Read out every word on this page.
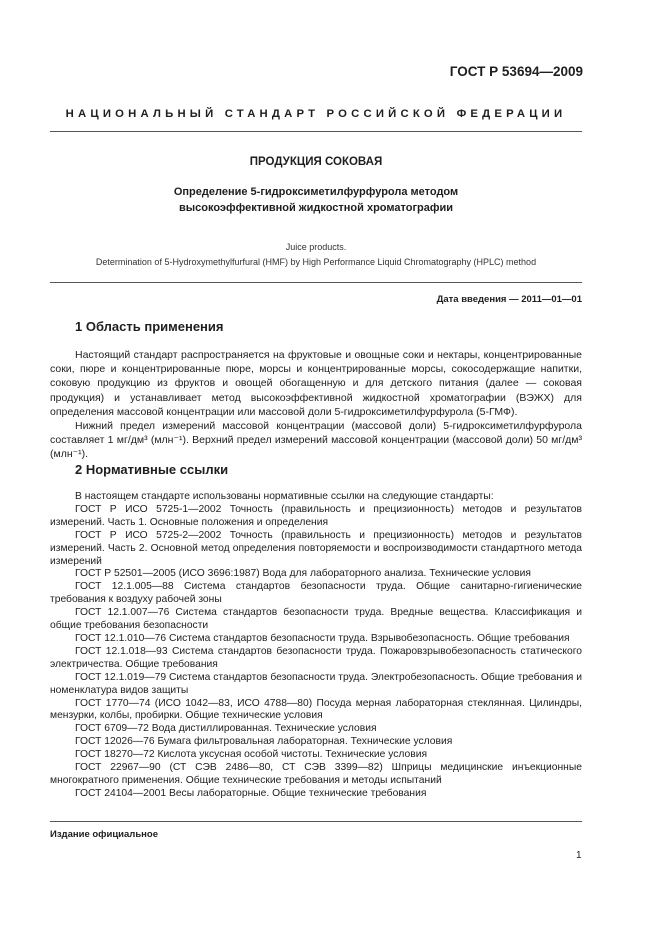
ГОСТ Р 53694—2009
НАЦИОНАЛЬНЫЙ СТАНДАРТ РОССИЙСКОЙ ФЕДЕРАЦИИ
ПРОДУКЦИЯ СОКОВАЯ
Определение 5-гидроксиметилфурфурола методом
высокоэффективной жидкостной хроматографии
Juice products.
Determination of 5-Hydroxymethylfurfural (HMF) by High Performance Liquid Chromatography (HPLC) method
Дата введения — 2011—01—01
1 Область применения

Настоящий стандарт распространяется на фруктовые и овощные соки и нектары, концентрированные соки, пюре и концентрированные пюре, морсы и концентрированные морсы, сокосодержащие напитки, соковую продукцию из фруктов и овощей обогащенную и для детского питания (далее — соковая продукция) и устанавливает метод высокоэффективной жидкостной хроматографии (ВЭЖХ) для определения массовой концентрации или массовой доли 5-гидроксиметилфурфурола (5-ГМФ).

Нижний предел измерений массовой концентрации (массовой доли) 5-гидроксиметилфурфурола составляет 1 мг/дм³ (млн⁻¹). Верхний предел измерений массовой концентрации (массовой доли) 50 мг/дм³ (млн⁻¹).

2 Нормативные ссылки

В настоящем стандарте использованы нормативные ссылки на следующие стандарты:

ГОСТ Р ИСО 5725-1—2002 Точность (правильность и прецизионность) методов и результатов измерений. Часть 1. Основные положения и определения

ГОСТ Р ИСО 5725-2—2002 Точность (правильность и прецизионность) методов и результатов измерений. Часть 2. Основной метод определения повторяемости и воспроизводимости стандартного метода измерений

ГОСТ Р 52501—2005 (ИСО 3696:1987) Вода для лабораторного анализа. Технические условия

ГОСТ 12.1.005—88 Система стандартов безопасности труда. Общие санитарно-гигиенические требования к воздуху рабочей зоны

ГОСТ 12.1.007—76 Система стандартов безопасности труда. Вредные вещества. Классификация и общие требования безопасности

ГОСТ 12.1.010—76 Система стандартов безопасности труда. Взрывобезопасность. Общие требования

ГОСТ 12.1.018—93 Система стандартов безопасности труда. Пожаровзрывобезопасность статического электричества. Общие требования

ГОСТ 12.1.019—79 Система стандартов безопасности труда. Электробезопасность. Общие требования и номенклатура видов защиты

ГОСТ 1770—74 (ИСО 1042—83, ИСО 4788—80) Посуда мерная лабораторная стеклянная. Цилиндры, мензурки, колбы, пробирки. Общие технические условия

ГОСТ 6709—72 Вода дистиллированная. Технические условия

ГОСТ 12026—76 Бумага фильтровальная лабораторная. Технические условия

ГОСТ 18270—72 Кислота уксусная особой чистоты. Технические условия

ГОСТ 22967—90 (СТ СЭВ 2486—80, СТ СЭВ 3399—82) Шприцы медицинские инъекционные многократного применения. Общие технические требования и методы испытаний

ГОСТ 24104—2001 Весы лабораторные. Общие технические требования

Издание официальное
1
